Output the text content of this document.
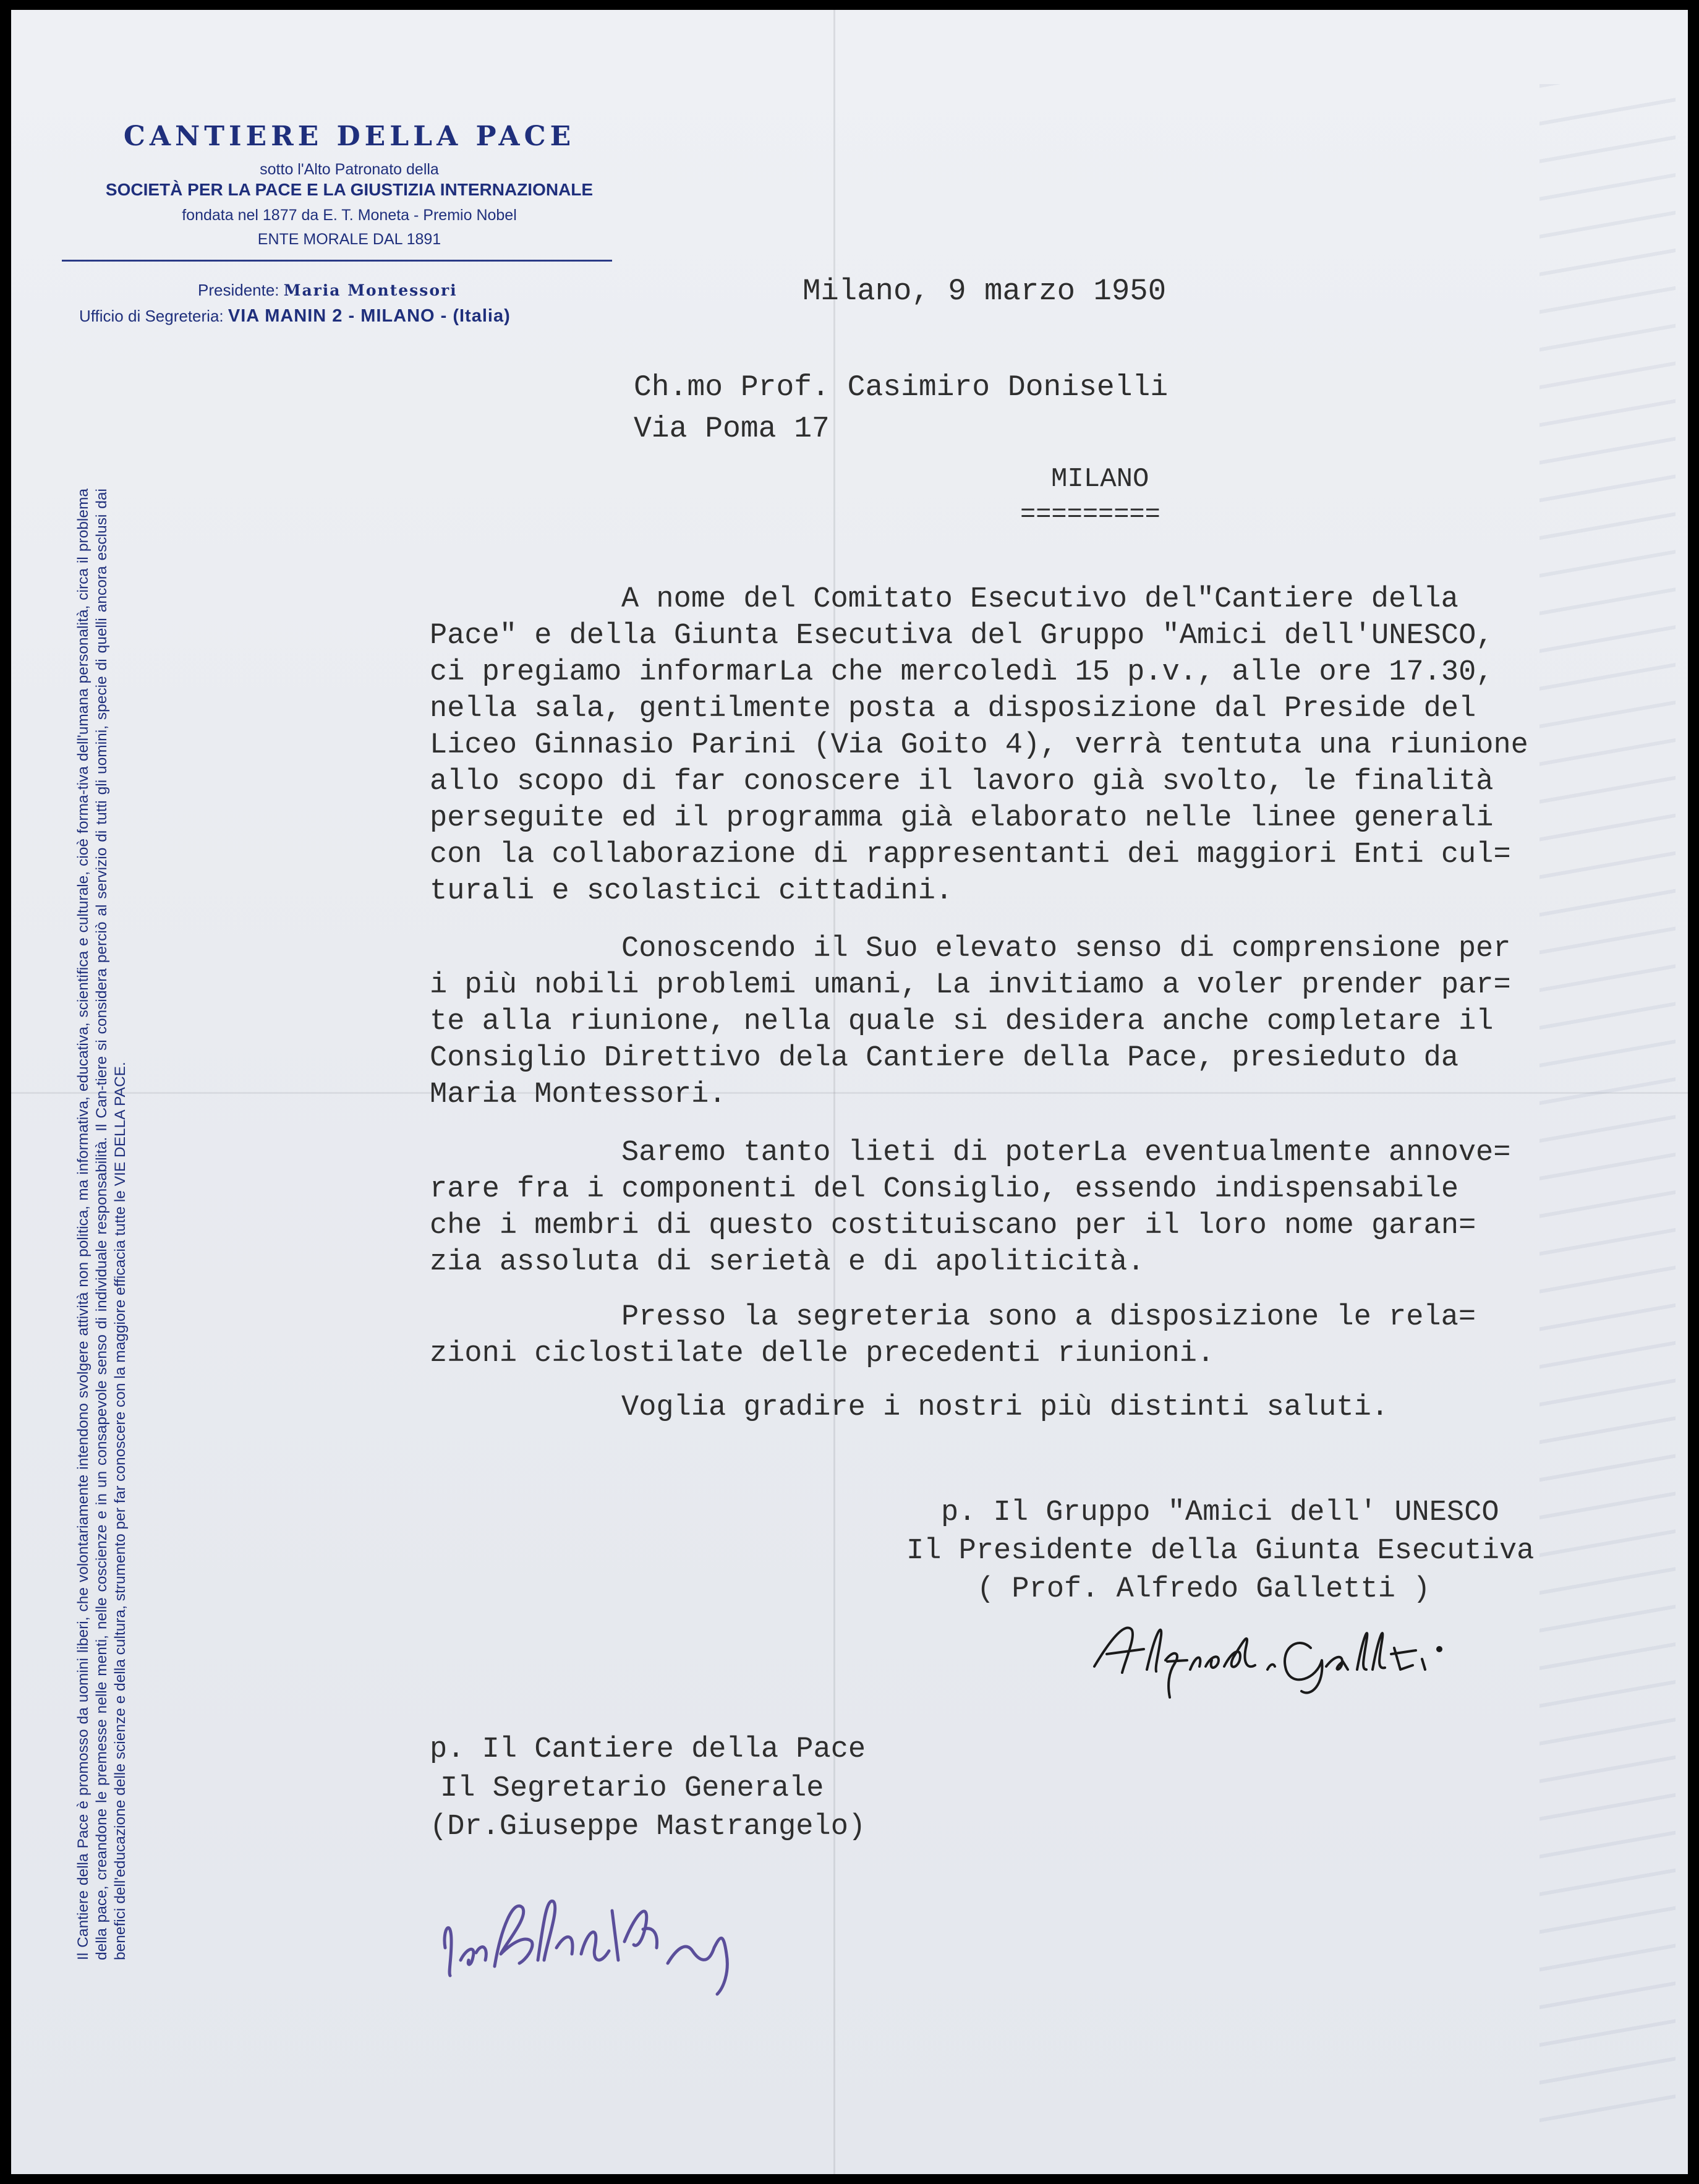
CANTIERE DELLA PACE
sotto l'Alto Patronato della
SOCIETÀ PER LA PACE E LA GIUSTIZIA INTERNAZIONALE
fondata nel 1877 da E. T. Moneta - Premio Nobel
ENTE MORALE DAL 1891
Presidente: Maria Montessori
Ufficio di Segreteria: VIA MANIN 2 - MILANO - (Italia)
Il Cantiere della Pace è promosso da uomini liberi, che volontariamente intendono svolgere attività non politica, ma informativa, educativa, scientifica e culturale, cioè forma-tiva dell'umana personalità, circa il problema della pace, creandone le premesse nelle menti, nelle coscienze e in un consapevole senso di individuale responsabilità. Il Can-tiere si considera perciò al servizio di tutti gli uomini, specie di quelli ancora esclusi dai benefici dell'educazione delle scienze e della cultura, strumento per far conoscere con la maggiore efficacia tutte le VIE DELLA PACE.
Milano, 9 marzo 1950
Ch.mo Prof. Casimiro Doniselli
Via Poma 17
MILANO
=========
A nome del Comitato Esecutivo del"Cantiere della
Pace" e della Giunta Esecutiva del Gruppo "Amici dell'UNESCO,
ci pregiamo informarLa che mercoledì 15 p.v., alle ore 17.30,
nella sala, gentilmente posta a disposizione dal Preside del
Liceo Ginnasio Parini (Via Goito 4), verrà tentuta una riunione
allo scopo di far conoscere il lavoro già svolto, le finalità
perseguite ed il programma già elaborato nelle linee generali
con la collaborazione di rappresentanti dei maggiori Enti cul=
turali e scolastici cittadini.
Conoscendo il Suo elevato senso di comprensione per
i più nobili problemi umani, La invitiamo a voler prender par=
te alla riunione, nella quale si desidera anche completare il
Consiglio Direttivo dela Cantiere della Pace, presieduto da
Maria Montessori.
Saremo tanto lieti di poterLa eventualmente annove=
rare fra i componenti del Consiglio, essendo indispensabile
che i membri di questo costituiscano per il loro nome garan=
zia assoluta di serietà e di apoliticità.
Presso la segreteria sono a disposizione le rela=
zioni ciclostilate delle precedenti riunioni.
Voglia gradire i nostri più distinti saluti.
p. Il Gruppo "Amici dell' UNESCO
Il Presidente della Giunta Esecutiva
( Prof. Alfredo Galletti )
p. Il Cantiere della Pace
Il Segretario Generale
(Dr.Giuseppe Mastrangelo)
